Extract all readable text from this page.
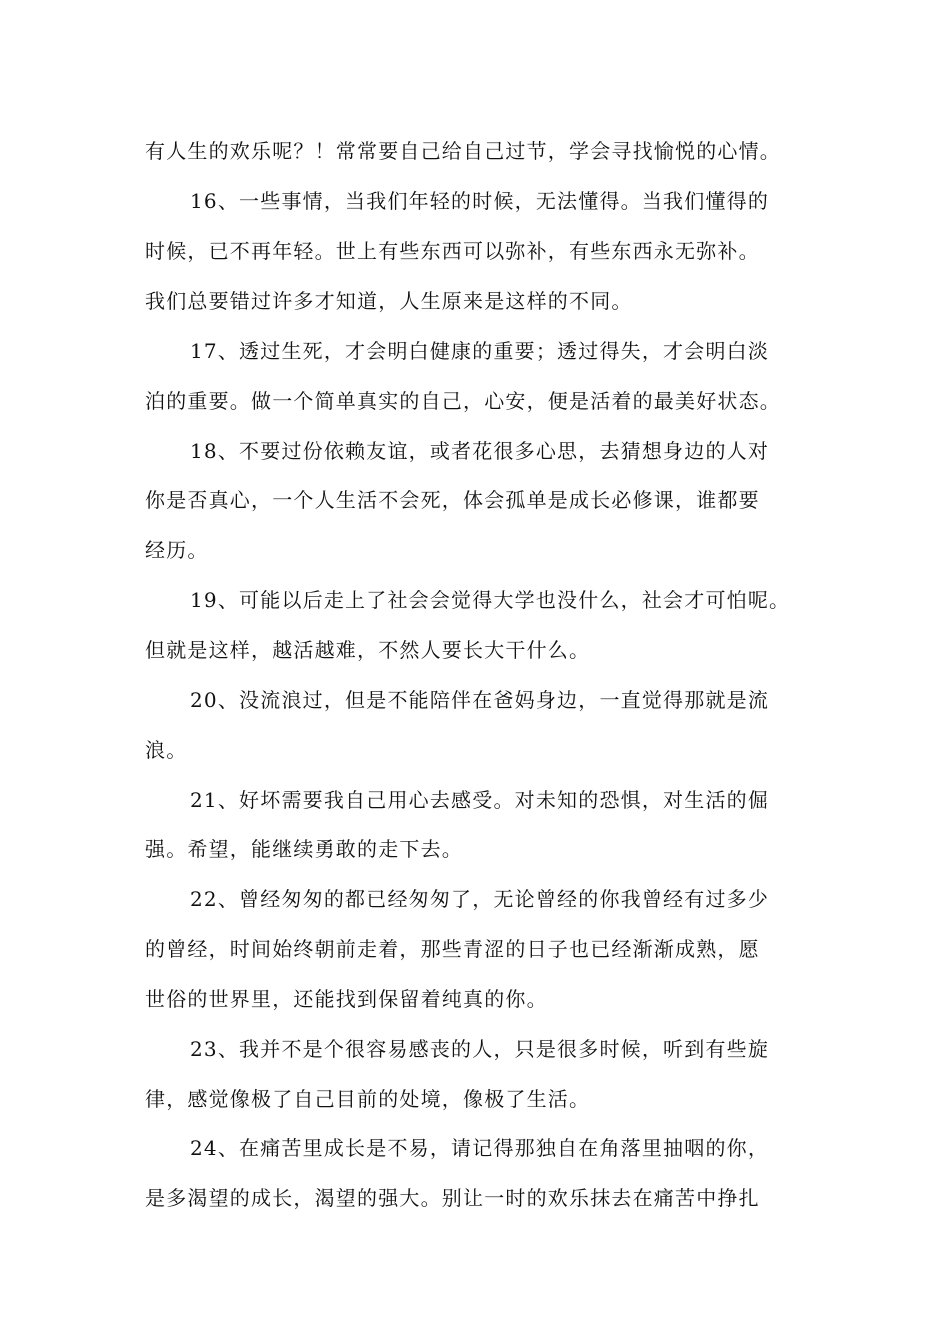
有人生的欢乐呢？！常常要自己给自己过节，学会寻找愉悦的心情。
16、一些事情，当我们年轻的时候，无法懂得。当我们懂得的
时候，已不再年轻。世上有些东西可以弥补，有些东西永无弥补。
我们总要错过许多才知道，人生原来是这样的不同。
17、透过生死，才会明白健康的重要；透过得失，才会明白淡
泊的重要。做一个简单真实的自己，心安，便是活着的最美好状态。
18、不要过份依赖友谊，或者花很多心思，去猜想身边的人对
你是否真心，一个人生活不会死，体会孤单是成长必修课，谁都要
经历。
19、可能以后走上了社会会觉得大学也没什么，社会才可怕呢。
但就是这样，越活越难，不然人要长大干什么。
20、没流浪过，但是不能陪伴在爸妈身边，一直觉得那就是流
浪。
21、好坏需要我自己用心去感受。对未知的恐惧，对生活的倔
强。希望，能继续勇敢的走下去。
22、曾经匆匆的都已经匆匆了，无论曾经的你我曾经有过多少
的曾经，时间始终朝前走着，那些青涩的日子也已经渐渐成熟，愿
世俗的世界里，还能找到保留着纯真的你。
23、我并不是个很容易感丧的人，只是很多时候，听到有些旋
律，感觉像极了自己目前的处境，像极了生活。
24、在痛苦里成长是不易，请记得那独自在角落里抽咽的你，
是多渴望的成长，渴望的强大。别让一时的欢乐抹去在痛苦中挣扎
